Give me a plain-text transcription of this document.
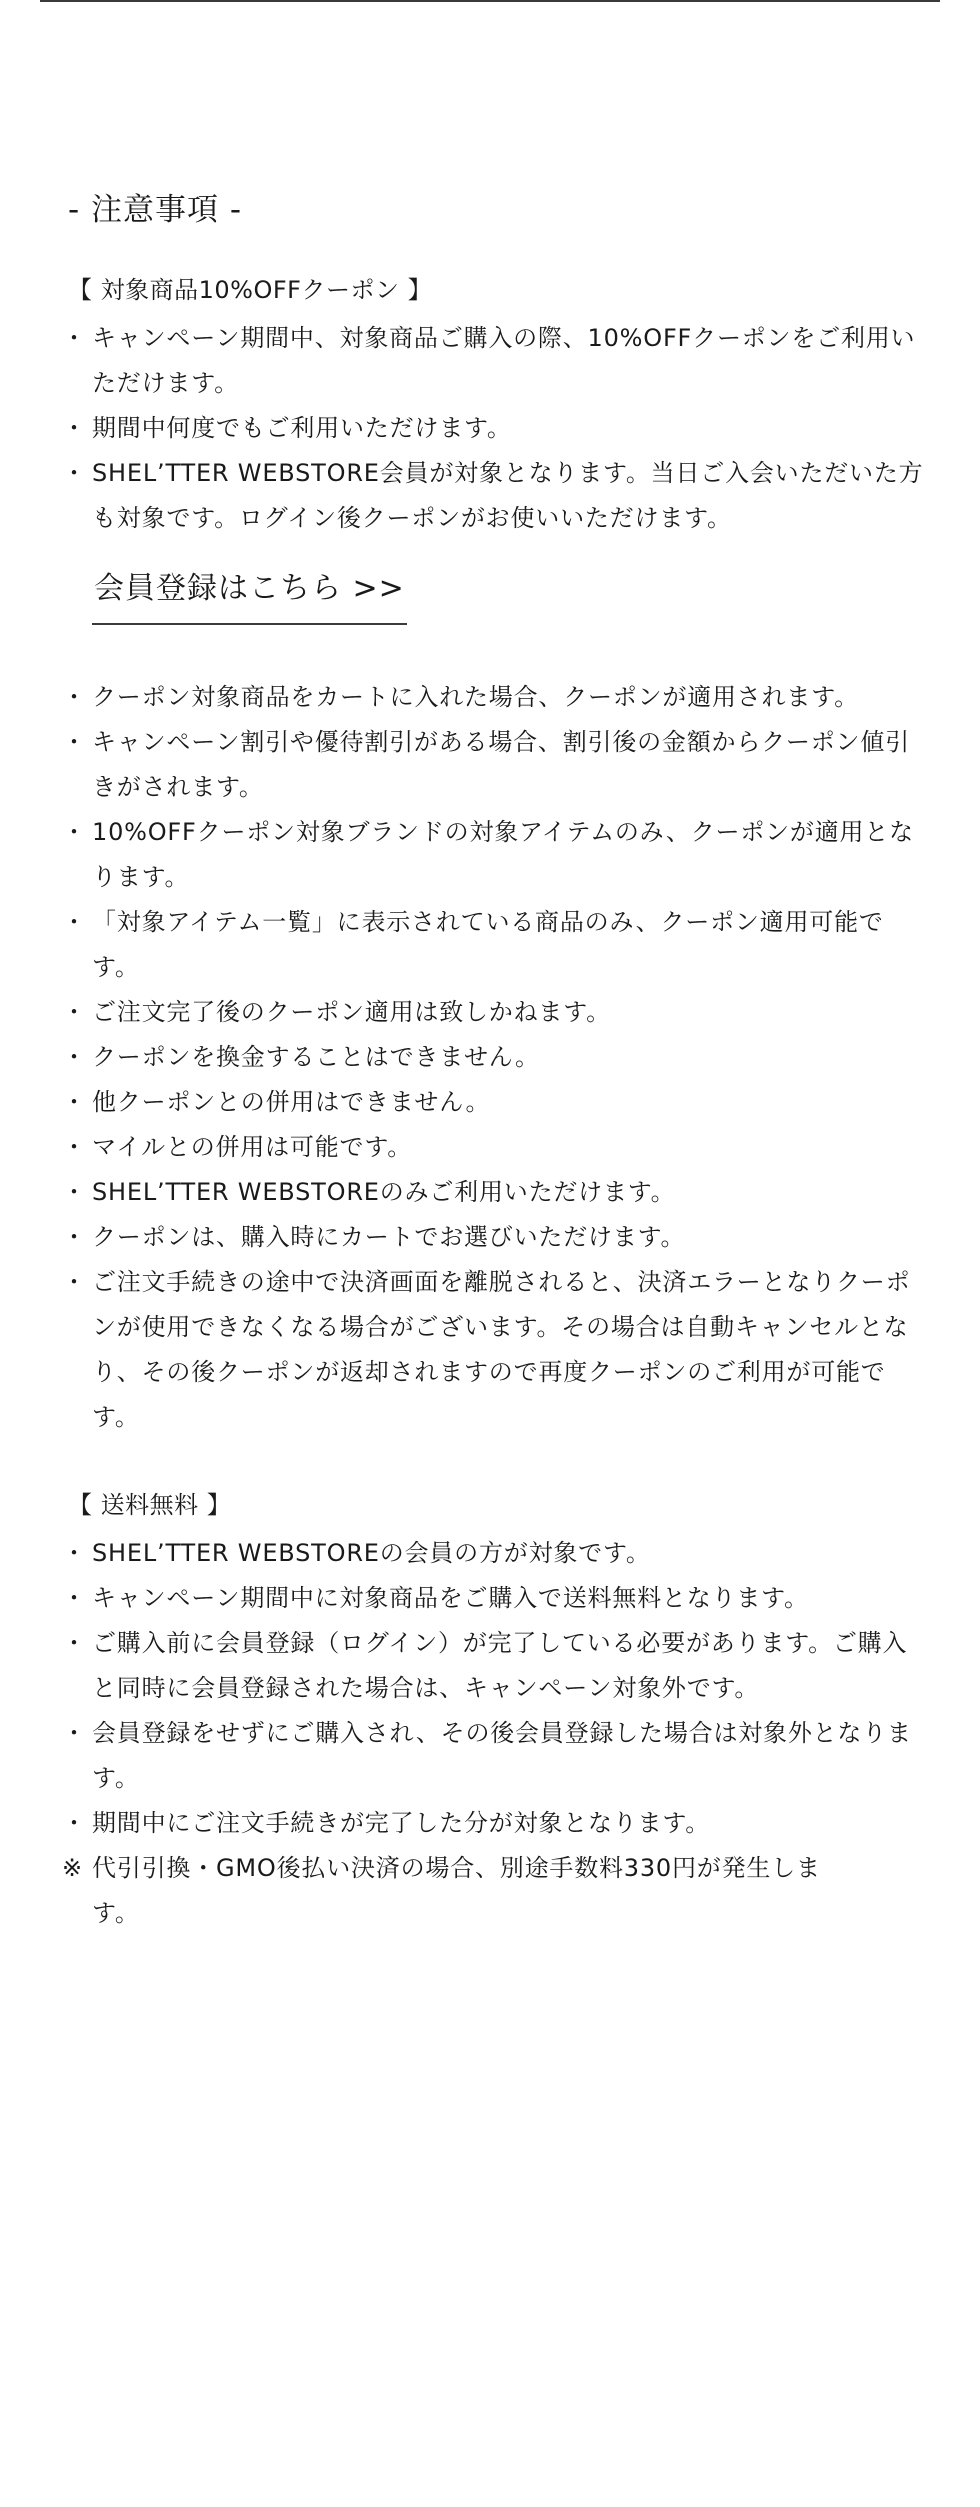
- 注意事項 -
【 対象商品10%OFFクーポン 】
・ キャンペーン期間中、対象商品ご購入の際、10%OFFクーポンをご利用いただけます。
・ 期間中何度でもご利用いただけます。
・ SHEL’TTER WEBSTORE会員が対象となります。当日ご入会いただいた方も対象です。ログイン後クーポンがお使いいただけます。
会員登録はこちら >>
・ クーポン対象商品をカートに入れた場合、クーポンが適用されます。
・ キャンペーン割引や優待割引がある場合、割引後の金額からクーポン値引きがされます。
・ 10%OFFクーポン対象ブランドの対象アイテムのみ、クーポンが適用となります。
・ 「対象アイテム一覧」に表示されている商品のみ、クーポン適用可能です。
・ ご注文完了後のクーポン適用は致しかねます。
・ クーポンを換金することはできません。
・ 他クーポンとの併用はできません。
・ マイルとの併用は可能です。
・ SHEL’TTER WEBSTOREのみご利用いただけます。
・ クーポンは、購入時にカートでお選びいただけます。
・ ご注文手続きの途中で決済画面を離脱されると、決済エラーとなりクーポンが使用できなくなる場合がございます。その場合は自動キャンセルとなり、その後クーポンが返却されますので再度クーポンのご利用が可能です。
【 送料無料 】
・ SHEL’TTER WEBSTOREの会員の方が対象です。
・ キャンペーン期間中に対象商品をご購入で送料無料となります。
・ ご購入前に会員登録（ログイン）が完了している必要があります。ご購入と同時に会員登録された場合は、キャンペーン対象外です。
・ 会員登録をせずにご購入され、その後会員登録した場合は対象外となります。
・ 期間中にご注文手続きが完了した分が対象となります。

※ 代引引換・GMO後払い決済の場合、別途手数料330円が発生します。
